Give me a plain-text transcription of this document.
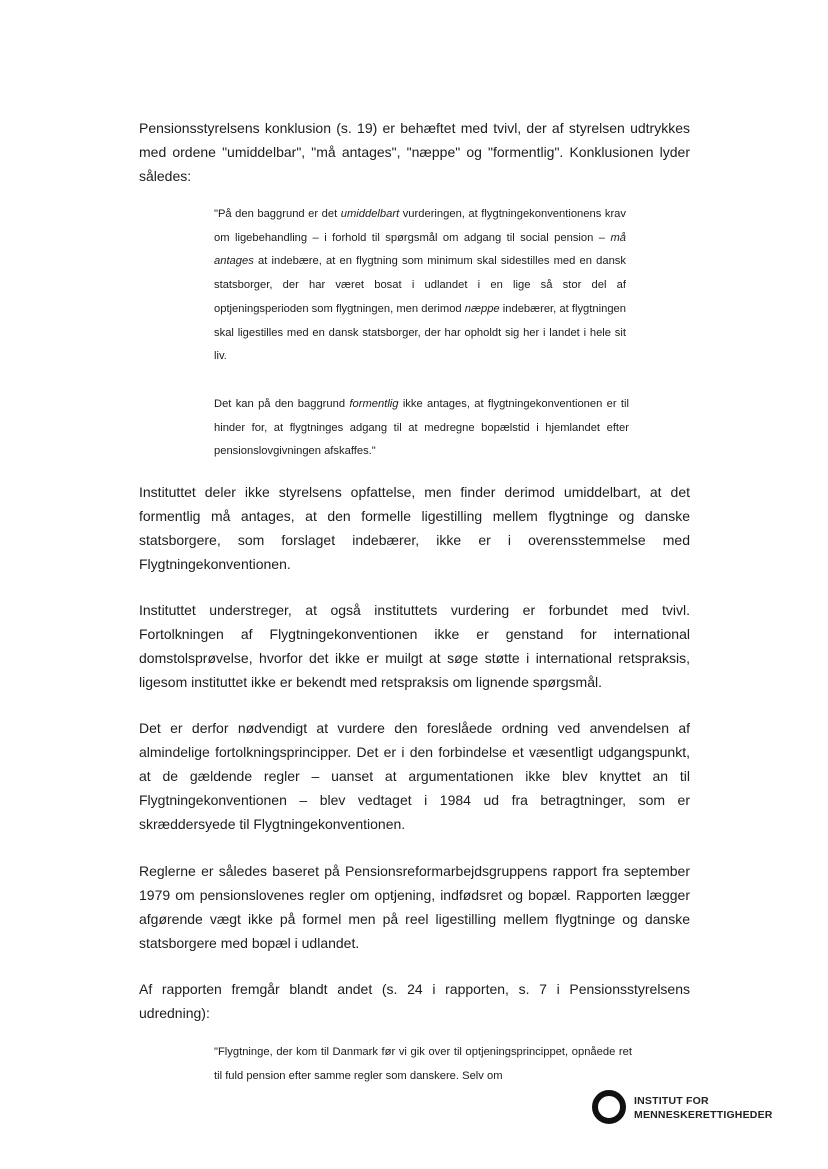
Pensionsstyrelsens konklusion (s. 19) er behæftet med tvivl, der af styrelsen udtrykkes med ordene "umiddelbar", "må antages", "næppe" og "formentlig". Konklusionen lyder således:

"På den baggrund er det umiddelbart vurderingen, at flygtningekonventionens krav om ligebehandling – i forhold til spørgsmål om adgang til social pension – må antages at indebære, at en flygtning som minimum skal sidestilles med en dansk statsborger, der har været bosat i udlandet i en lige så stor del af optjeningsperioden som flygtningen, men derimod næppe indebærer, at flygtningen skal ligestilles med en dansk statsborger, der har opholdt sig her i landet i hele sit liv.

Det kan på den baggrund formentlig ikke antages, at flygtningekonventionen er til hinder for, at flygtninges adgang til at medregne bopælstid i hjemlandet efter pensionslovgivningen afskaffes."

Instituttet deler ikke styrelsens opfattelse, men finder derimod umiddelbart, at det formentlig må antages, at den formelle ligestilling mellem flygtninge og danske statsborgere, som forslaget indebærer, ikke er i overensstemmelse med Flygtningekonventionen.

Instituttet understreger, at også instituttets vurdering er forbundet med tvivl. Fortolkningen af Flygtningekonventionen ikke er genstand for international domstolsprøvelse, hvorfor det ikke er muilgt at søge støtte i international retspraksis, ligesom instituttet ikke er bekendt med retspraksis om lignende spørgsmål.

Det er derfor nødvendigt at vurdere den foreslåede ordning ved anvendelsen af almindelige fortolkningsprincipper. Det er i den forbindelse et væsentligt udgangspunkt, at de gældende regler – uanset at argumentationen ikke blev knyttet an til Flygtningekonventionen – blev vedtaget i 1984 ud fra betragtninger, som er skræddersyede til Flygtningekonventionen.

Reglerne er således baseret på Pensionsreformarbejdsgruppens rapport fra september 1979 om pensionslovenes regler om optjening, indfødsret og bopæl. Rapporten lægger afgørende vægt ikke på formel men på reel ligestilling mellem flygtninge og danske statsborgere med bopæl i udlandet.

Af rapporten fremgår blandt andet (s. 24 i rapporten, s. 7 i Pensionsstyrelsens udredning):

"Flygtninge, der kom til Danmark før vi gik over til optjeningsprincippet, opnåede ret til fuld pension efter samme regler som danskere. Selv om

INSTITUT FOR
MENNESKERETTIGHEDER
